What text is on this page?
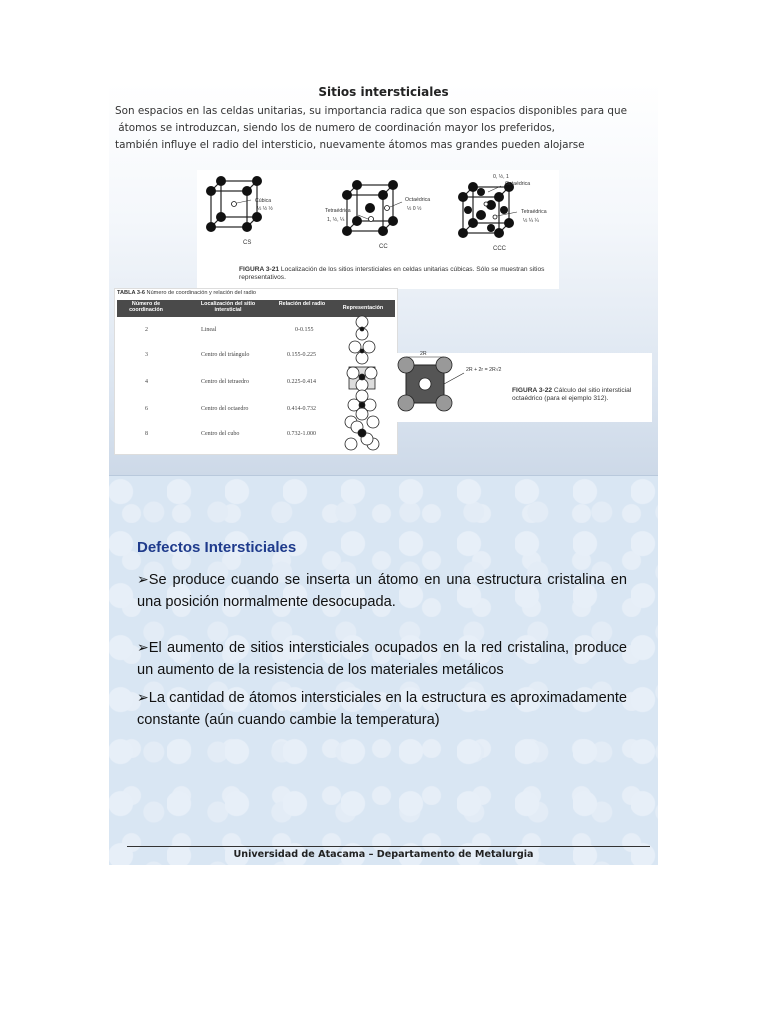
Sitios intersticiales
Son espacios en las celdas unitarias, su importancia radica que son espacios disponibles para que
átomos se introduzcan, siendo los de numero de coordinación mayor los preferidos,
también influye el radio del intersticio, nuevamente átomos mas grandes pueden alojarse
Cúbica
½ ½ ½	Tetraédrica
1, ½, ¼
Octaédrica
½ 0 ½
Octaédrica
0, ½, 1
Tetraédrica
½ ¼ ¼
CS
CC	CCC
FIGURA 3-21 Localización de los sitios intersticiales en celdas unitarias cúbicas. Sólo se muestran sitios representativos.
TABLA 3-6 Número de coordinación y relación del radio
Número de coordinación
Localización del sitio intersticial
Relación del radio
Representación
2	Lineal	0-0.155
3	Centro del triángulo	0.155-0.225
4	Centro del tetraedro	0.225-0.414
6	Centro del octaedro	0.414-0.732
8	Centro del cubo	0.732-1.000
2R
2R + 2r = 2R√2
FIGURA 3-22 Cálculo del sitio intersticial octaédrico (para el ejemplo 312).
Defectos Intersticiales
➢Se produce cuando se inserta un átomo en una estructura cristalina en una posición normalmente desocupada.
➢El aumento de sitios intersticiales ocupados en la red cristalina, produce un aumento de la resistencia de los materiales metálicos
➢La cantidad de átomos intersticiales en la estructura es aproximadamente constante (aún cuando cambie la temperatura)
Universidad de Atacama – Departamento de Metalurgia
